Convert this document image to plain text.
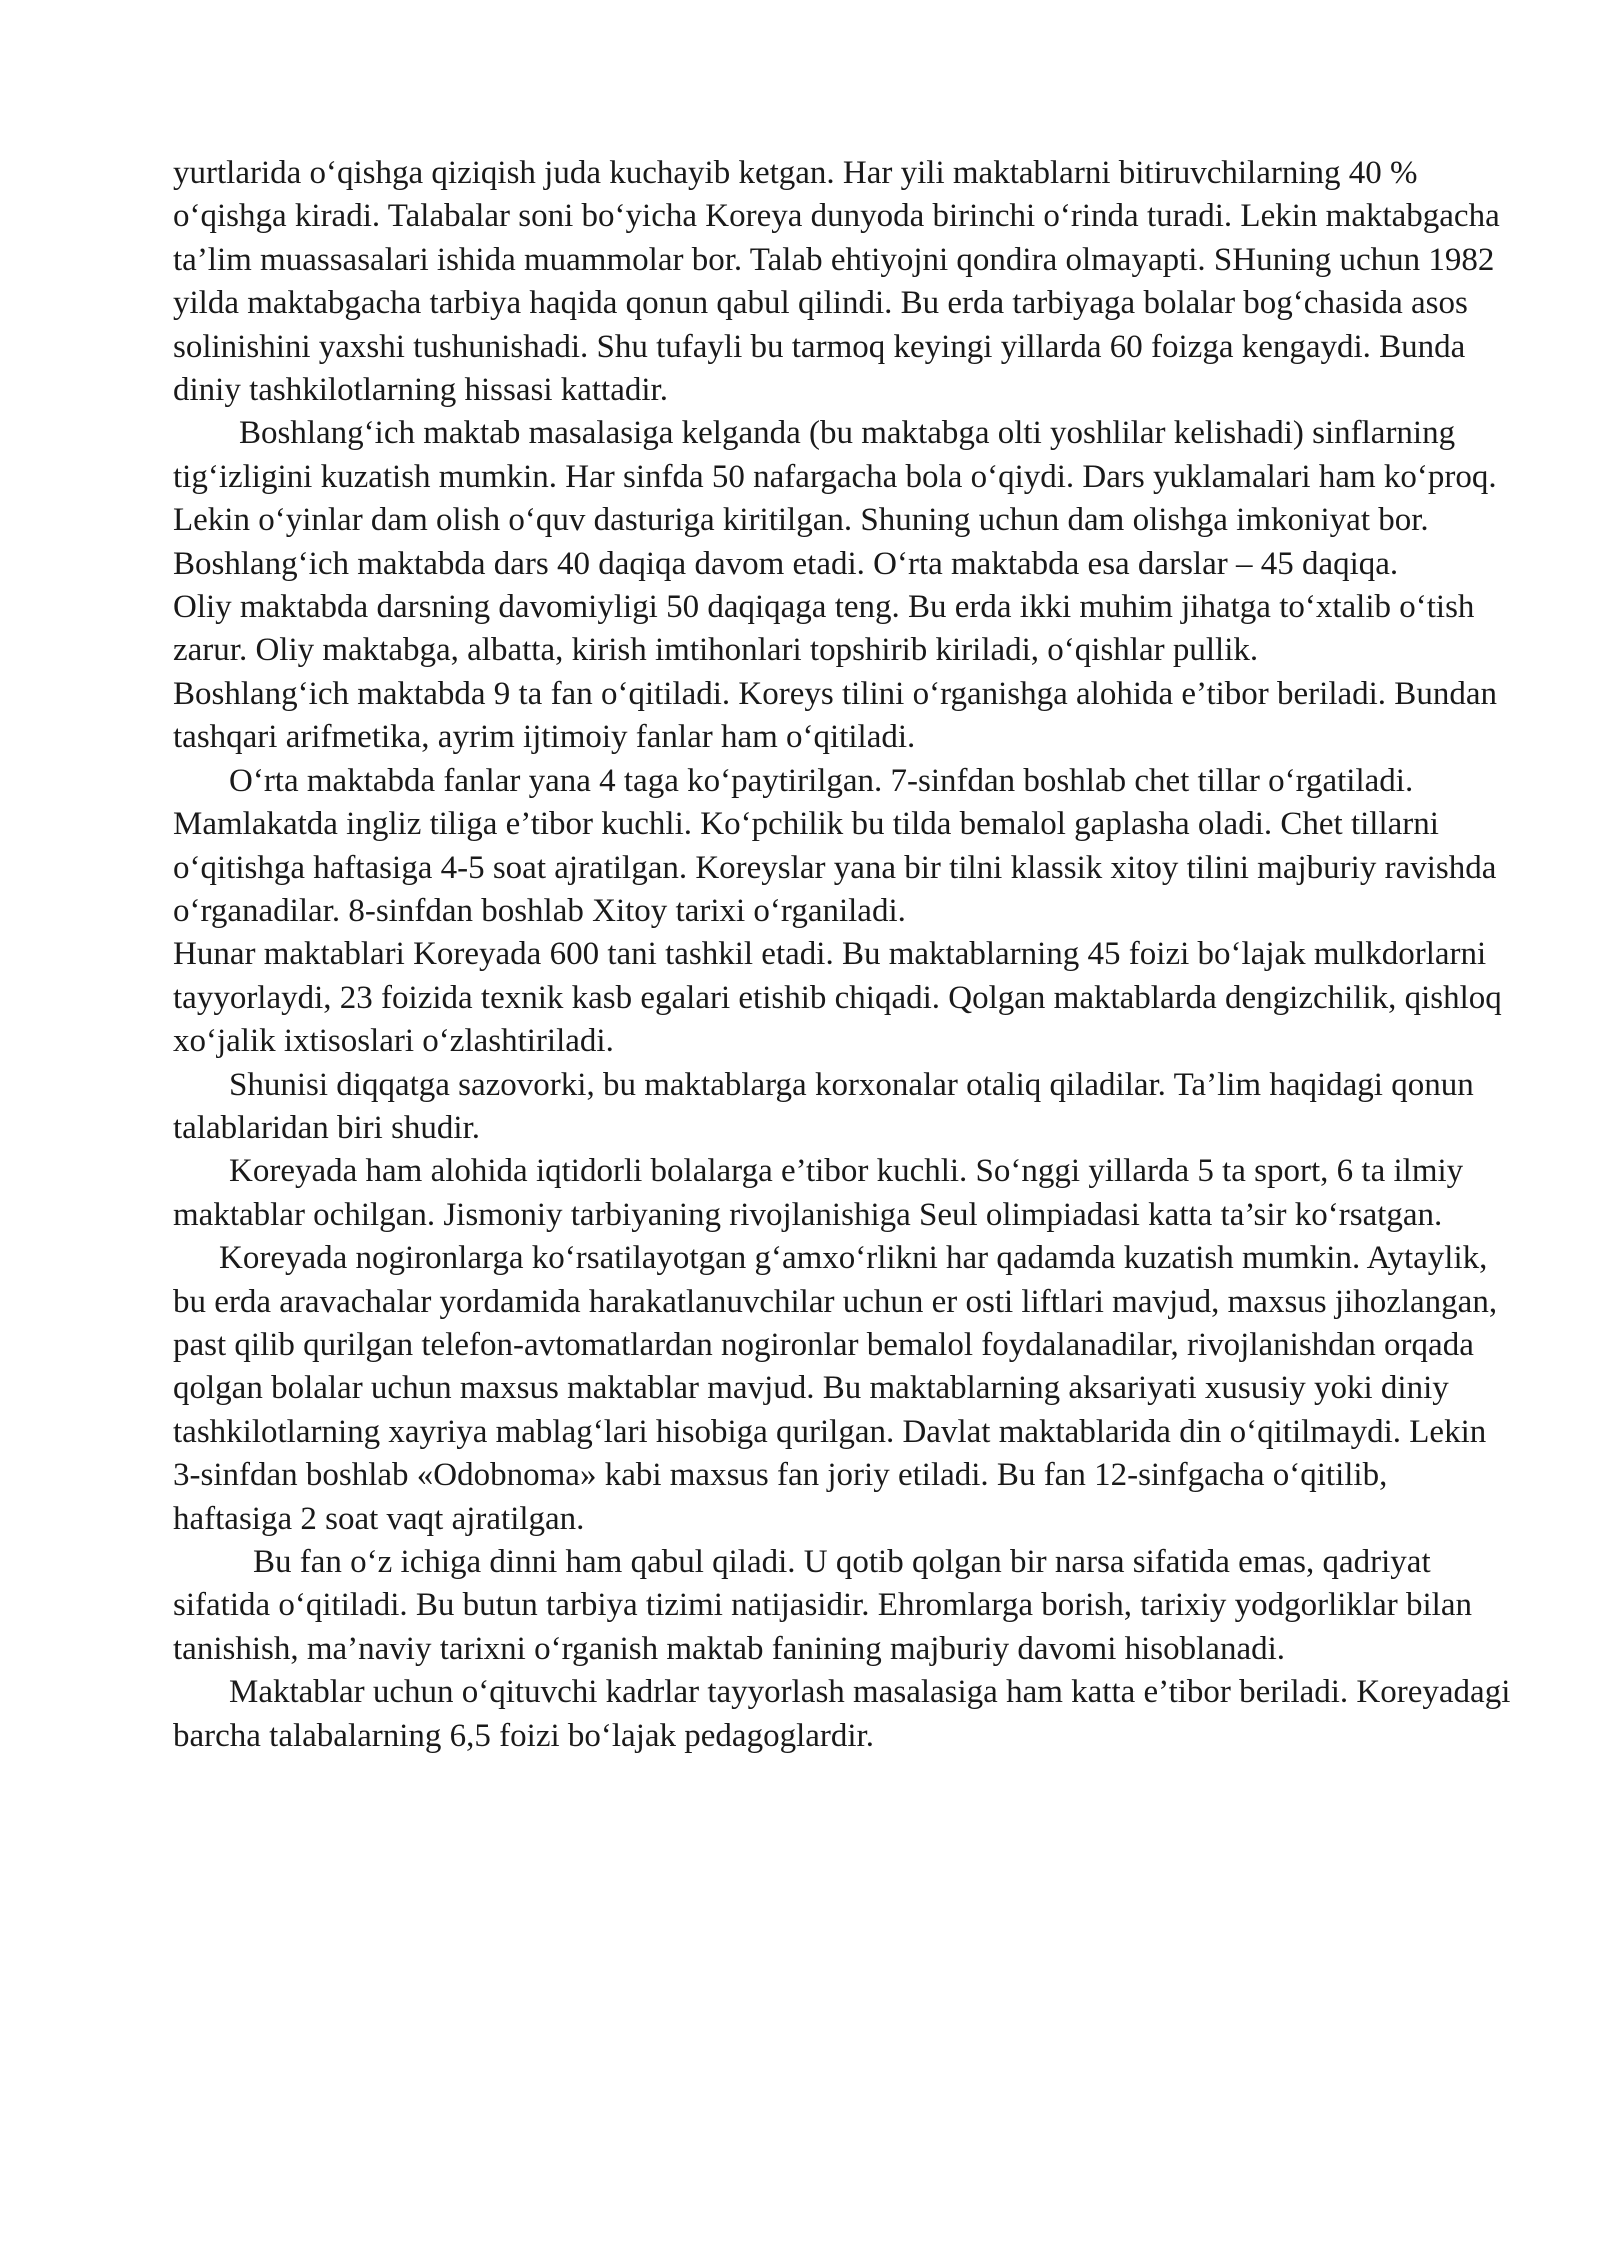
yurtlarida o‘qishga qiziqish juda kuchayib ketgan. Har yili maktablarni bitiruvchilarning 40 % o‘qishga kiradi. Talabalar soni bo‘yicha Koreya dunyoda birinchi o‘rinda turadi. Lekin maktabgacha ta’lim muassasalari ishida muammolar bor. Talab ehtiyojni qondira olmayapti. SHuning uchun 1982 yilda maktabgacha tarbiya haqida qonun qabul qilindi. Bu erda tarbiyaga bolalar bog‘chasida asos solinishini yaxshi tushunishadi. Shu tufayli bu tarmoq keyingi yillarda 60 foizga kengaydi. Bunda diniy tashkilotlarning hissasi kattadir.

Boshlang‘ich maktab masalasiga kelganda (bu maktabga olti yoshlilar kelishadi) sinflarning tig‘izligini kuzatish mumkin. Har sinfda 50 nafargacha bola o‘qiydi. Dars yuklamalari ham ko‘proq. Lekin o‘yinlar dam olish o‘quv dasturiga kiritilgan. Shuning uchun dam olishga imkoniyat bor.

Boshlang‘ich maktabda dars 40 daqiqa davom etadi. O‘rta maktabda esa darslar – 45 daqiqa.

Oliy maktabda darsning davomiyligi 50 daqiqaga teng. Bu erda ikki muhim jihatga to‘xtalib o‘tish zarur. Oliy maktabga, albatta, kirish imtihonlari topshirib kiriladi, o‘qishlar pullik.

Boshlang‘ich maktabda 9 ta fan o‘qitiladi. Koreys tilini o‘rganishga alohida e’tibor beriladi. Bundan tashqari arifmetika, ayrim ijtimoiy fanlar ham o‘qitiladi.

O‘rta maktabda fanlar yana 4 taga ko‘paytirilgan. 7-sinfdan boshlab chet tillar o‘rgatiladi. Mamlakatda ingliz tiliga e’tibor kuchli. Ko‘pchilik bu tilda bemalol gaplasha oladi. Chet tillarni o‘qitishga haftasiga 4-5 soat ajratilgan. Koreyslar yana bir tilni klassik xitoy tilini majburiy ravishda o‘rganadilar. 8-sinfdan boshlab Xitoy tarixi o‘rganiladi.

Hunar maktablari Koreyada 600 tani tashkil etadi. Bu maktablarning 45 foizi bo‘lajak mulkdorlarni tayyorlaydi, 23 foizida texnik kasb egalari etishib chiqadi. Qolgan maktablarda dengizchilik, qishloq xo‘jalik ixtisoslari o‘zlashtiriladi.

Shunisi diqqatga sazovorki, bu maktablarga korxonalar otaliq qiladilar. Ta’lim haqidagi qonun talablaridan biri shudir.

Koreyada ham alohida iqtidorli bolalarga e’tibor kuchli. So‘nggi yillarda 5 ta sport, 6 ta ilmiy maktablar ochilgan. Jismoniy tarbiyaning rivojlanishiga Seul olimpiadasi katta ta’sir ko‘rsatgan.

Koreyada nogironlarga ko‘rsatilayotgan g‘amxo‘rlikni har qadamda kuzatish mumkin. Aytaylik, bu erda aravachalar yordamida harakatlanuvchilar uchun er osti liftlari mavjud, maxsus jihozlangan, past qilib qurilgan telefon-avtomatlardan nogironlar bemalol foydalanadilar, rivojlanishdan orqada qolgan bolalar uchun maxsus maktablar mavjud. Bu maktablarning aksariyati xususiy yoki diniy tashkilotlarning xayriya mablag‘lari hisobiga qurilgan. Davlat maktablarida din o‘qitilmaydi. Lekin 3-sinfdan boshlab «Odobnoma» kabi maxsus fan joriy etiladi. Bu fan 12-sinfgacha o‘qitilib, haftasiga 2 soat vaqt ajratilgan.

Bu fan o‘z ichiga dinni ham qabul qiladi. U qotib qolgan bir narsa sifatida emas, qadriyat sifatida o‘qitiladi. Bu butun tarbiya tizimi natijasidir. Ehromlarga borish, tarixiy yodgorliklar bilan tanishish, ma’naviy tarixni o‘rganish maktab fanining majburiy davomi hisoblanadi.

Maktablar uchun o‘qituvchi kadrlar tayyorlash masalasiga ham katta e’tibor beriladi. Koreyadagi barcha talabalarning 6,5 foizi bo‘lajak pedagoglardir.
